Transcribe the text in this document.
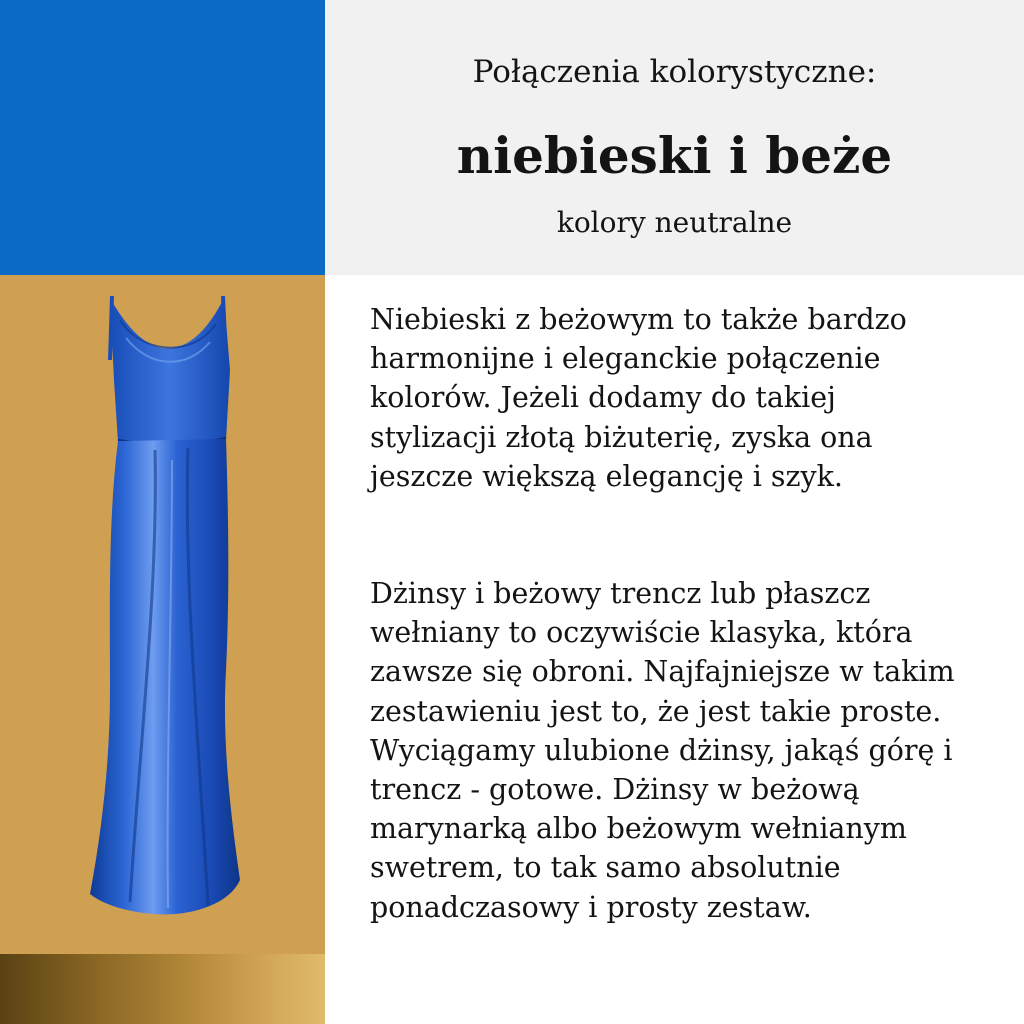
Połączenia kolorystyczne:
niebieski i beże
kolory neutralne

Niebieski z beżowym to także bardzo
harmonijne i eleganckie połączenie
kolorów. Jeżeli dodamy do takiej
stylizacji złotą biżuterię, zyska ona
jeszcze większą elegancję i szyk.

Dżinsy i beżowy trencz lub płaszcz
wełniany to oczywiście klasyka, która
zawsze się obroni. Najfajniejsze w takim
zestawieniu jest to, że jest takie proste.
Wyciągamy ulubione dżinsy, jakąś górę i
trencz - gotowe. Dżinsy w beżową
marynarką albo beżowym wełnianym
swetrem, to tak samo absolutnie
ponadczasowy i prosty zestaw.
